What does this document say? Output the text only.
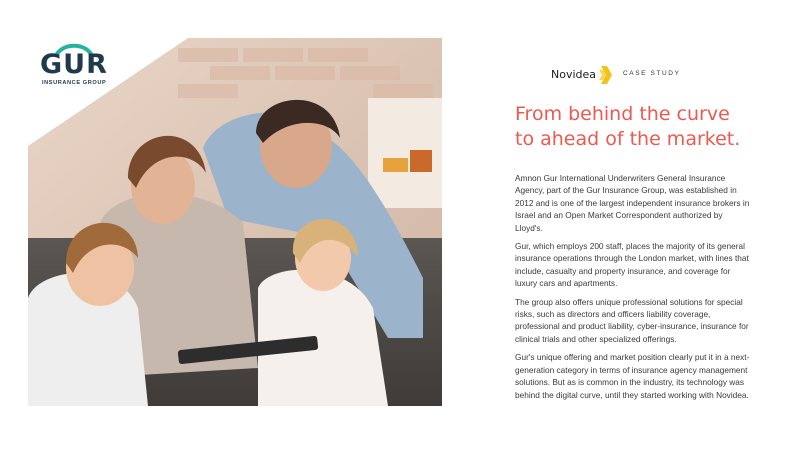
GUR
INSURANCE GROUP
Novidea	CASE STUDY
From behind the curve
to ahead of the market.

Amnon Gur International Underwriters General Insurance Agency, part of the Gur Insurance Group, was established in 2012 and is one of the largest independent insurance brokers in Israel and an Open Market Correspondent authorized by Lloyd's.

Gur, which employs 200 staff, places the majority of its general insurance operations through the London market, with lines that include, casualty and property insurance, and coverage for luxury cars and apartments.

The group also offers unique professional solutions for special risks, such as directors and officers liability coverage, professional and product liability, cyber-insurance, insurance for clinical trials and other specialized offerings.

Gur's unique offering and market position clearly put it in a next-generation category in terms of insurance agency management solutions. But as is common in the industry, its technology was behind the digital curve, until they started working with Novidea.
